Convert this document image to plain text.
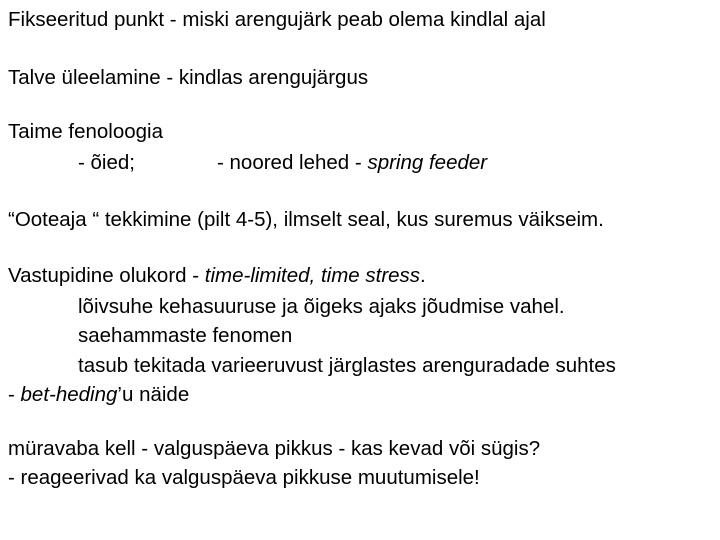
Fikseeritud punkt - miski arengujärk peab olema kindlal ajal
Talve üleelamine - kindlas arengujärgus
Taime fenoloogia
- õied;	- noored lehed - spring feeder
“Ooteaja “ tekkimine (pilt 4-5), ilmselt seal, kus suremus väikseim.
Vastupidine olukord - time-limited, time stress.
lõivsuhe kehasuuruse ja õigeks ajaks jõudmise vahel.
saehammaste fenomen
tasub tekitada varieeruvust järglastes arenguradade suhtes
- bet-heding’u näide
müravaba kell - valguspäeva pikkus - kas kevad või sügis?
- reageerivad ka valguspäeva pikkuse muutumisele!
